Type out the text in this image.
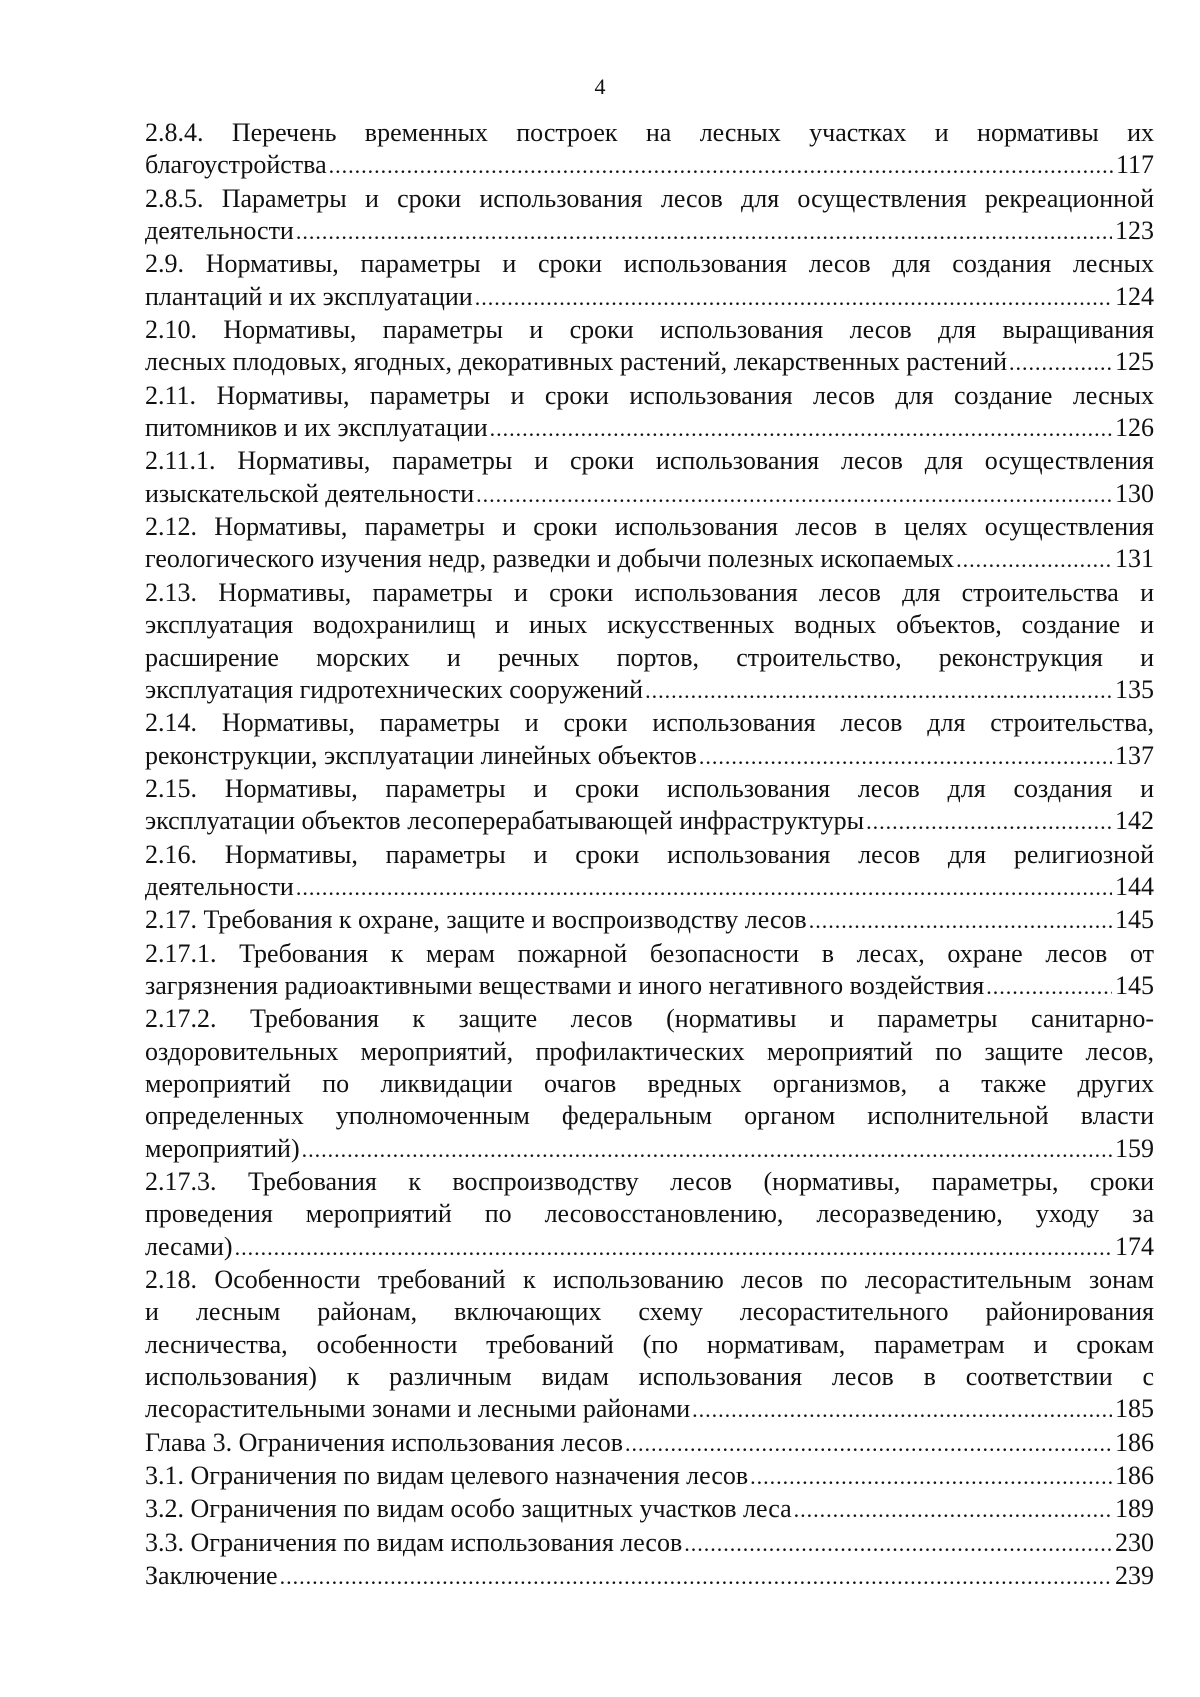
4
2.8.4. Перечень временных построек на лесных участках и нормативы их
благоустройства .....	117
2.8.5. Параметры и сроки использования лесов для осуществления рекреационной
деятельности .....	123
2.9. Нормативы, параметры и сроки использования лесов для создания лесных
плантаций и их эксплуатации .....	124
2.10. Нормативы, параметры и сроки использования лесов для выращивания
лесных плодовых, ягодных, декоративных растений, лекарственных растений .....	125
2.11. Нормативы, параметры и сроки использования лесов для создание лесных
питомников и их эксплуатации .....	126
2.11.1. Нормативы, параметры и сроки использования лесов для осуществления
изыскательской деятельности .....	130
2.12. Нормативы, параметры и сроки использования лесов в целях осуществления
геологического изучения недр, разведки и добычи полезных ископаемых .....	131
2.13. Нормативы, параметры и сроки использования лесов для строительства и
эксплуатация водохранилищ и иных искусственных водных объектов, создание и
расширение морских и речных портов, строительство, реконструкция и
эксплуатация гидротехнических сооружений .....	135
2.14. Нормативы, параметры и сроки использования лесов для строительства,
реконструкции, эксплуатации линейных объектов .....	137
2.15. Нормативы, параметры и сроки использования лесов для создания и
эксплуатации объектов лесоперерабатывающей инфраструктуры .....	142
2.16. Нормативы, параметры и сроки использования лесов для религиозной
деятельности .....	144
2.17. Требования к охране, защите и воспроизводству лесов .....	145
2.17.1. Требования к мерам пожарной безопасности в лесах, охране лесов от
загрязнения радиоактивными веществами и иного негативного воздействия .....	145
2.17.2. Требования к защите лесов (нормативы и параметры санитарно-
оздоровительных мероприятий, профилактических мероприятий по защите лесов,
мероприятий по ликвидации очагов вредных организмов, а также других
определенных уполномоченным федеральным органом исполнительной власти
мероприятий) .....	159
2.17.3. Требования к воспроизводству лесов (нормативы, параметры, сроки
проведения мероприятий по лесовосстановлению, лесоразведению, уходу за
лесами) .....	174
2.18. Особенности требований к использованию лесов по лесорастительным зонам
и лесным районам, включающих схему лесорастительного районирования
лесничества, особенности требований (по нормативам, параметрам и срокам
использования) к различным видам использования лесов в соответствии с
лесорастительными зонами и лесными районами .....	185
Глава 3. Ограничения использования лесов .....	186
3.1. Ограничения по видам целевого назначения лесов .....	186
3.2. Ограничения по видам особо защитных участков леса .....	189
3.3. Ограничения по видам использования лесов .....	230
Заключение .....	239
